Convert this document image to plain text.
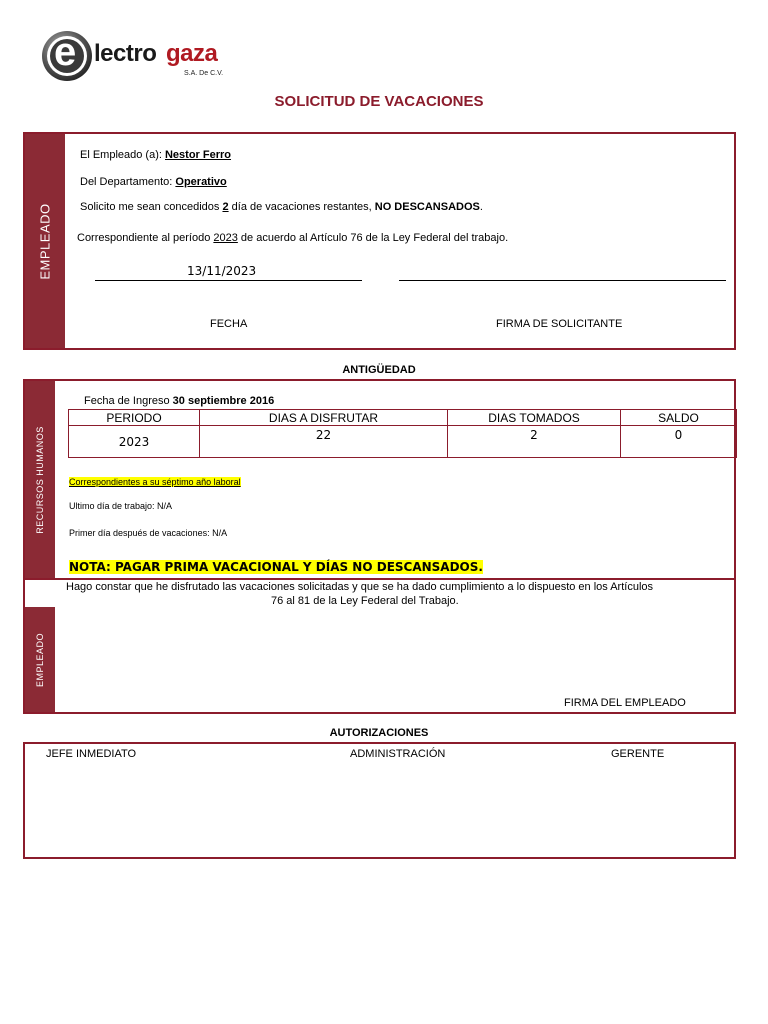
e lectro gaza
S.A. De C.V.
SOLICITUD DE VACACIONES
EMPLEADO
El Empleado (a): Nestor Ferro
Del Departamento: Operativo
Solicito me sean concedidos 2 día de vacaciones restantes, NO DESCANSADOS.
Correspondiente al período 2023 de acuerdo al Artículo 76 de la Ley Federal del trabajo.
13/11/2023
FECHA	FIRMA DE SOLICITANTE
ANTIGÜEDAD
RECURSOS HUMANOS
Fecha de Ingreso 30 septiembre 2016
PERIODO	DIAS A DISFRUTAR	DIAS TOMADOS	SALDO
2023	22	2	0
Correspondientes a su séptimo año laboral
Ultimo día de trabajo: N/A
Primer día después de vacaciones: N/A
NOTA: PAGAR PRIMA VACACIONAL Y DÍAS NO DESCANSADOS.
EMPLEADO
Hago constar que he disfrutado las vacaciones solicitadas y que se ha dado cumplimiento a lo dispuesto en los Artículos
76 al 81 de la Ley Federal del Trabajo.
FIRMA DEL EMPLEADO
AUTORIZACIONES
JEFE INMEDIATO	ADMINISTRACIÓN	GERENTE
